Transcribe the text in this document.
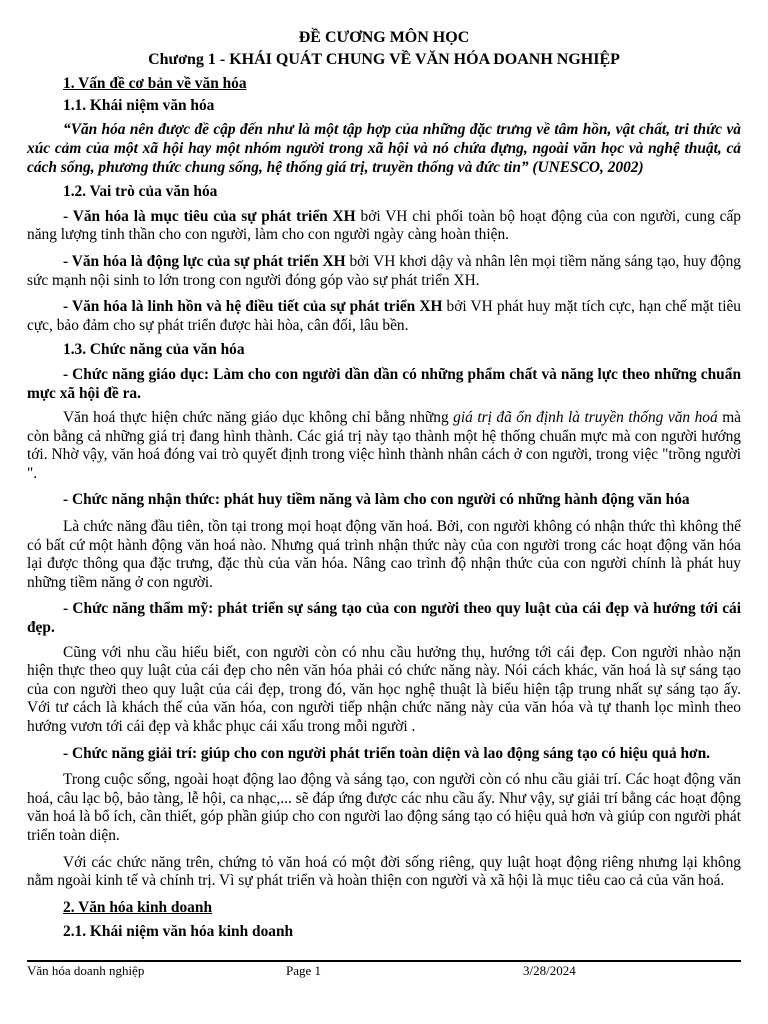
ĐỀ CƯƠNG MÔN HỌC
Chương 1 - KHÁI QUÁT CHUNG VỀ VĂN HÓA DOANH NGHIỆP
1. Vấn đề cơ bản về văn hóa
1.1. Khái niệm văn hóa

“Văn hóa nên được đề cập đến như là một tập hợp của những đặc trưng về tâm hồn, vật chất, tri thức và xúc cảm của một xã hội hay một nhóm người trong xã hội và nó chứa đựng, ngoài văn học và nghệ thuật, cả cách sống, phương thức chung sống, hệ thống giá trị, truyền thống và đức tin” (UNESCO, 2002)

1.2. Vai trò của văn hóa

- Văn hóa là mục tiêu của sự phát triển XH bởi VH chi phối toàn bộ hoạt động của con người, cung cấp năng lượng tinh thần cho con người, làm cho con người ngày càng hoàn thiện.

- Văn hóa là động lực của sự phát triển XH bởi VH khơi dậy và nhân lên mọi tiềm năng sáng tạo, huy động sức mạnh nội sinh to lớn trong con người đóng góp vào sự phát triển XH.

- Văn hóa là linh hồn và hệ điều tiết của sự phát triển XH bởi VH phát huy mặt tích cực, hạn chế mặt tiêu cực, bảo đảm cho sự phát triển được hài hòa, cân đối, lâu bền.

1.3. Chức năng của văn hóa

- Chức năng giáo dục: Làm cho con người dần dần có những phẩm chất và năng lực theo những chuẩn mực xã hội đề ra.

Văn hoá thực hiện chức năng giáo dục không chỉ bằng những giá trị đã ổn định là truyền thống văn hoá mà còn bằng cả những giá trị đang hình thành. Các giá trị này tạo thành một hệ thống chuẩn mực mà con người hướng tới. Nhờ vậy, văn hoá đóng vai trò quyết định trong việc hình thành nhân cách ở con người, trong việc "trồng người ".

- Chức năng nhận thức: phát huy tiềm năng và làm cho con người có những hành động văn hóa

Là chức năng đầu tiên, tồn tại trong mọi hoạt động văn hoá. Bởi, con người không có nhận thức thì không thể có bất cứ một hành động văn hoá nào. Nhưng quá trình nhận thức này của con người trong các hoạt động văn hóa lại được thông qua đặc trưng, đặc thù của văn hóa. Nâng cao trình độ nhận thức của con người chính là phát huy những tiềm năng ở con người.

- Chức năng thẩm mỹ: phát triển sự sáng tạo của con người theo quy luật của cái đẹp và hướng tới cái đẹp.

Cũng với nhu cầu hiểu biết, con người còn có nhu cầu hưởng thụ, hướng tới cái đẹp. Con người nhào nặn hiện thực theo quy luật của cái đẹp cho nên văn hóa phải có chức năng này. Nói cách khác, văn hoá là sự sáng tạo của con người theo quy luật của cái đẹp, trong đó, văn học nghệ thuật là biểu hiện tập trung nhất sự sáng tạo ấy. Với tư cách là khách thể của văn hóa, con người tiếp nhận chức năng này của văn hóa và tự thanh lọc mình theo hướng vươn tới cái đẹp và khắc phục cái xấu trong mỗi người .

- Chức năng giải trí: giúp cho con người phát triển toàn diện và lao động sáng tạo có hiệu quả hơn.

Trong cuộc sống, ngoài hoạt động lao động và sáng tạo, con người còn có nhu cầu giải trí. Các hoạt động văn hoá, câu lạc bộ, bảo tàng, lễ hội, ca nhạc,... sẽ đáp ứng được các nhu cầu ấy. Như vậy, sự giải trí bằng các hoạt động văn hoá là bổ ích, cần thiết, góp phần giúp cho con người lao động sáng tạo có hiệu quả hơn và giúp con người phát triển toàn diện.

Với các chức năng trên, chứng tỏ văn hoá có một đời sống riêng, quy luật hoạt động riêng nhưng lại không nằm ngoài kinh tế và chính trị. Vì sự phát triển và hoàn thiện con người và xã hội là mục tiêu cao cả của văn hoá.

2. Văn hóa kinh doanh
2.1. Khái niệm văn hóa kinh doanh
Văn hóa doanh nghiệp	Page 1	3/28/2024
